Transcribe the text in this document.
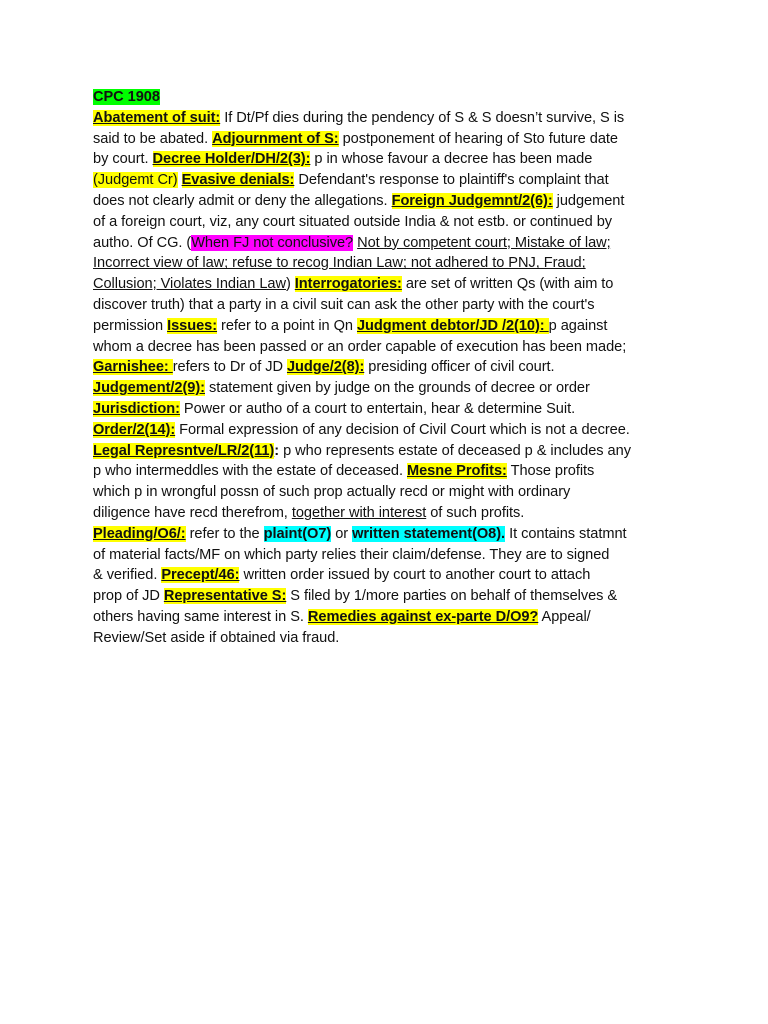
CPC 1908
Abatement of suit: If Dt/Pf dies during the pendency of S & S doesn’t survive, S is
said to be abated. Adjournment of S: postponement of hearing of Sto future date
by court. Decree Holder/DH/2(3): p in whose favour a decree has been made
(Judgemt Cr) Evasive denials: Defendant's response to plaintiff's complaint that
does not clearly admit or deny the allegations. Foreign Judgemnt/2(6): judgement
of a foreign court, viz, any court situated outside India & not estb. or continued by
autho. Of CG. (When FJ not conclusive? Not by competent court; Mistake of law;
Incorrect view of law; refuse to recog Indian Law; not adhered to PNJ, Fraud;
Collusion; Violates Indian Law) Interrogatories: are set of written Qs (with aim to
discover truth) that a party in a civil suit can ask the other party with the court's
permission Issues: refer to a point in Qn Judgment debtor/JD /2(10): p against
whom a decree has been passed or an order capable of execution has been made;
Garnishee: refers to Dr of JD Judge/2(8): presiding officer of civil court.
Judgement/2(9): statement given by judge on the grounds of decree or order
Jurisdiction: Power or autho of a court to entertain, hear & determine Suit.
Order/2(14): Formal expression of any decision of Civil Court which is not a decree.
Legal Represntve/LR/2(11): p who represents estate of deceased p & includes any
p who intermeddles with the estate of deceased. Mesne Profits: Those profits
which p in wrongful possn of such prop actually recd or might with ordinary
diligence have recd therefrom, together with interest of such profits.
Pleading/O6/: refer to the plaint(O7) or written statement(O8). It contains statmnt
of material facts/MF on which party relies their claim/defense. They are to signed
& verified. Precept/46: written order issued by court to another court to attach
prop of JD Representative S: S filed by 1/more parties on behalf of themselves &
others having same interest in S. Remedies against ex-parte D/O9? Appeal/
Review/Set aside if obtained via fraud.
